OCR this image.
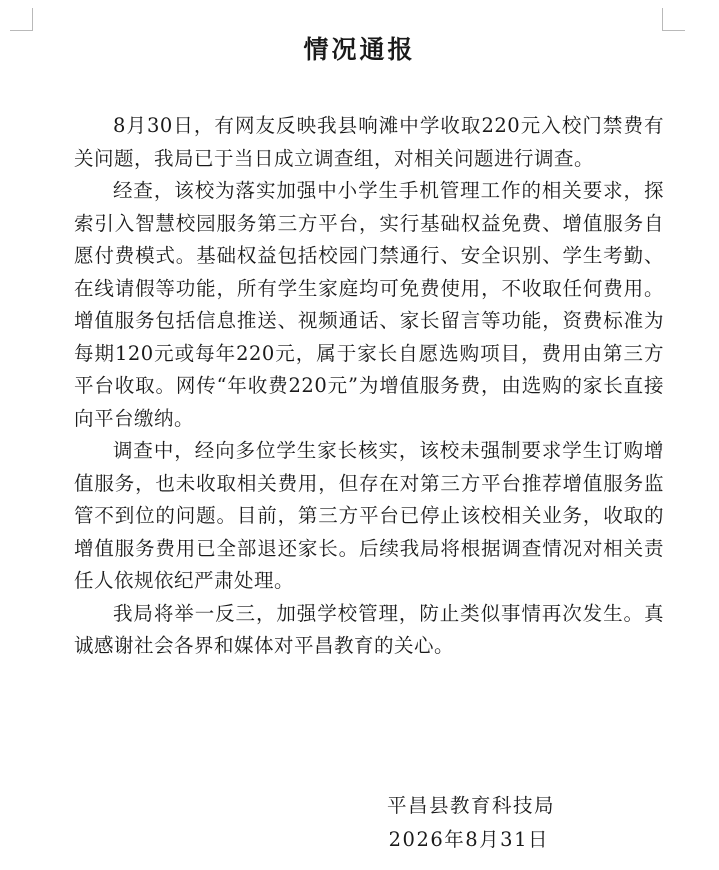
情况通报

8月30日，有网友反映我县响滩中学收取220元入校门禁费有关问题，我局已于当日成立调查组，对相关问题进行调查。

经查，该校为落实加强中小学生手机管理工作的相关要求，探索引入智慧校园服务第三方平台，实行基础权益免费、增值服务自愿付费模式。基础权益包括校园门禁通行、安全识别、学生考勤、在线请假等功能，所有学生家庭均可免费使用，不收取任何费用。增值服务包括信息推送、视频通话、家长留言等功能，资费标准为每期120元或每年220元，属于家长自愿选购项目，费用由第三方平台收取。网传“年收费220元”为增值服务费，由选购的家长直接向平台缴纳。

调查中，经向多位学生家长核实，该校未强制要求学生订购增值服务，也未收取相关费用，但存在对第三方平台推荐增值服务监管不到位的问题。目前，第三方平台已停止该校相关业务，收取的增值服务费用已全部退还家长。后续我局将根据调查情况对相关责任人依规依纪严肃处理。

我局将举一反三，加强学校管理，防止类似事情再次发生。真诚感谢社会各界和媒体对平昌教育的关心。

平昌县教育科技局

2026年8月31日
